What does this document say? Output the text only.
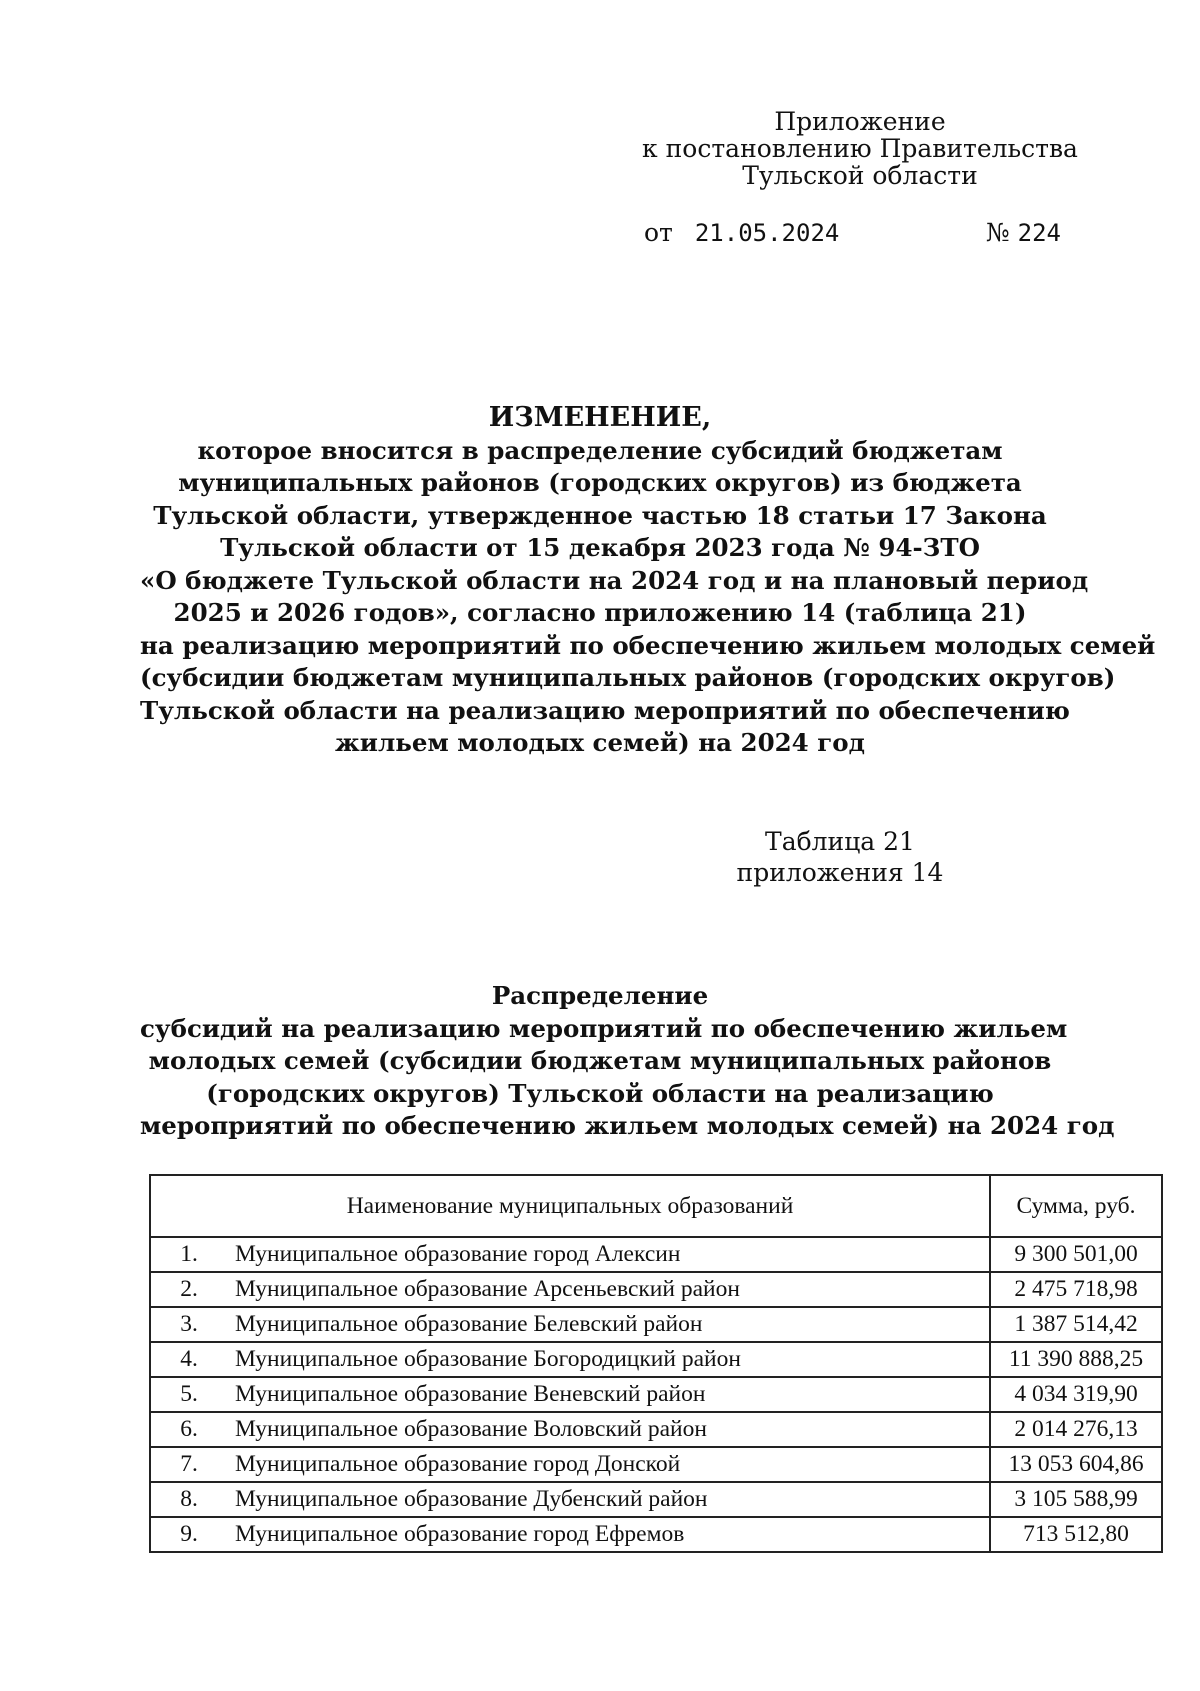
Приложение
к постановлению Правительства
Тульской области
от 21.05.2024	№ 224
ИЗМЕНЕНИЕ,
которое вносится в распределение субсидий бюджетам
муниципальных районов (городских округов) из бюджета
Тульской области, утвержденное частью 18 статьи 17 Закона
Тульской области от 15 декабря 2023 года № 94-ЗТО
«О бюджете Тульской области на 2024 год и на плановый период
2025 и 2026 годов», согласно приложению 14 (таблица 21)
на реализацию мероприятий по обеспечению жильем молодых семей
(субсидии бюджетам муниципальных районов (городских округов)
Тульской области на реализацию мероприятий по обеспечению
жильем молодых семей) на 2024 год
Таблица 21
приложения 14
Распределение
субсидий на реализацию мероприятий по обеспечению жильем
молодых семей (субсидии бюджетам муниципальных районов
(городских округов) Тульской области на реализацию
мероприятий по обеспечению жильем молодых семей) на 2024 год
Наименование муниципальных образований		Сумма, руб.
1.	Муниципальное образование город Алексин	9 300 501,00
2.	Муниципальное образование Арсеньевский район	2 475 718,98
3.	Муниципальное образование Белевский район	1 387 514,42
4.	Муниципальное образование Богородицкий район	11 390 888,25
5.	Муниципальное образование Веневский район	4 034 319,90
6.	Муниципальное образование Воловский район	2 014 276,13
7.	Муниципальное образование город Донской	13 053 604,86
8.	Муниципальное образование Дубенский район	3 105 588,99
9.	Муниципальное образование город Ефремов	713 512,80
